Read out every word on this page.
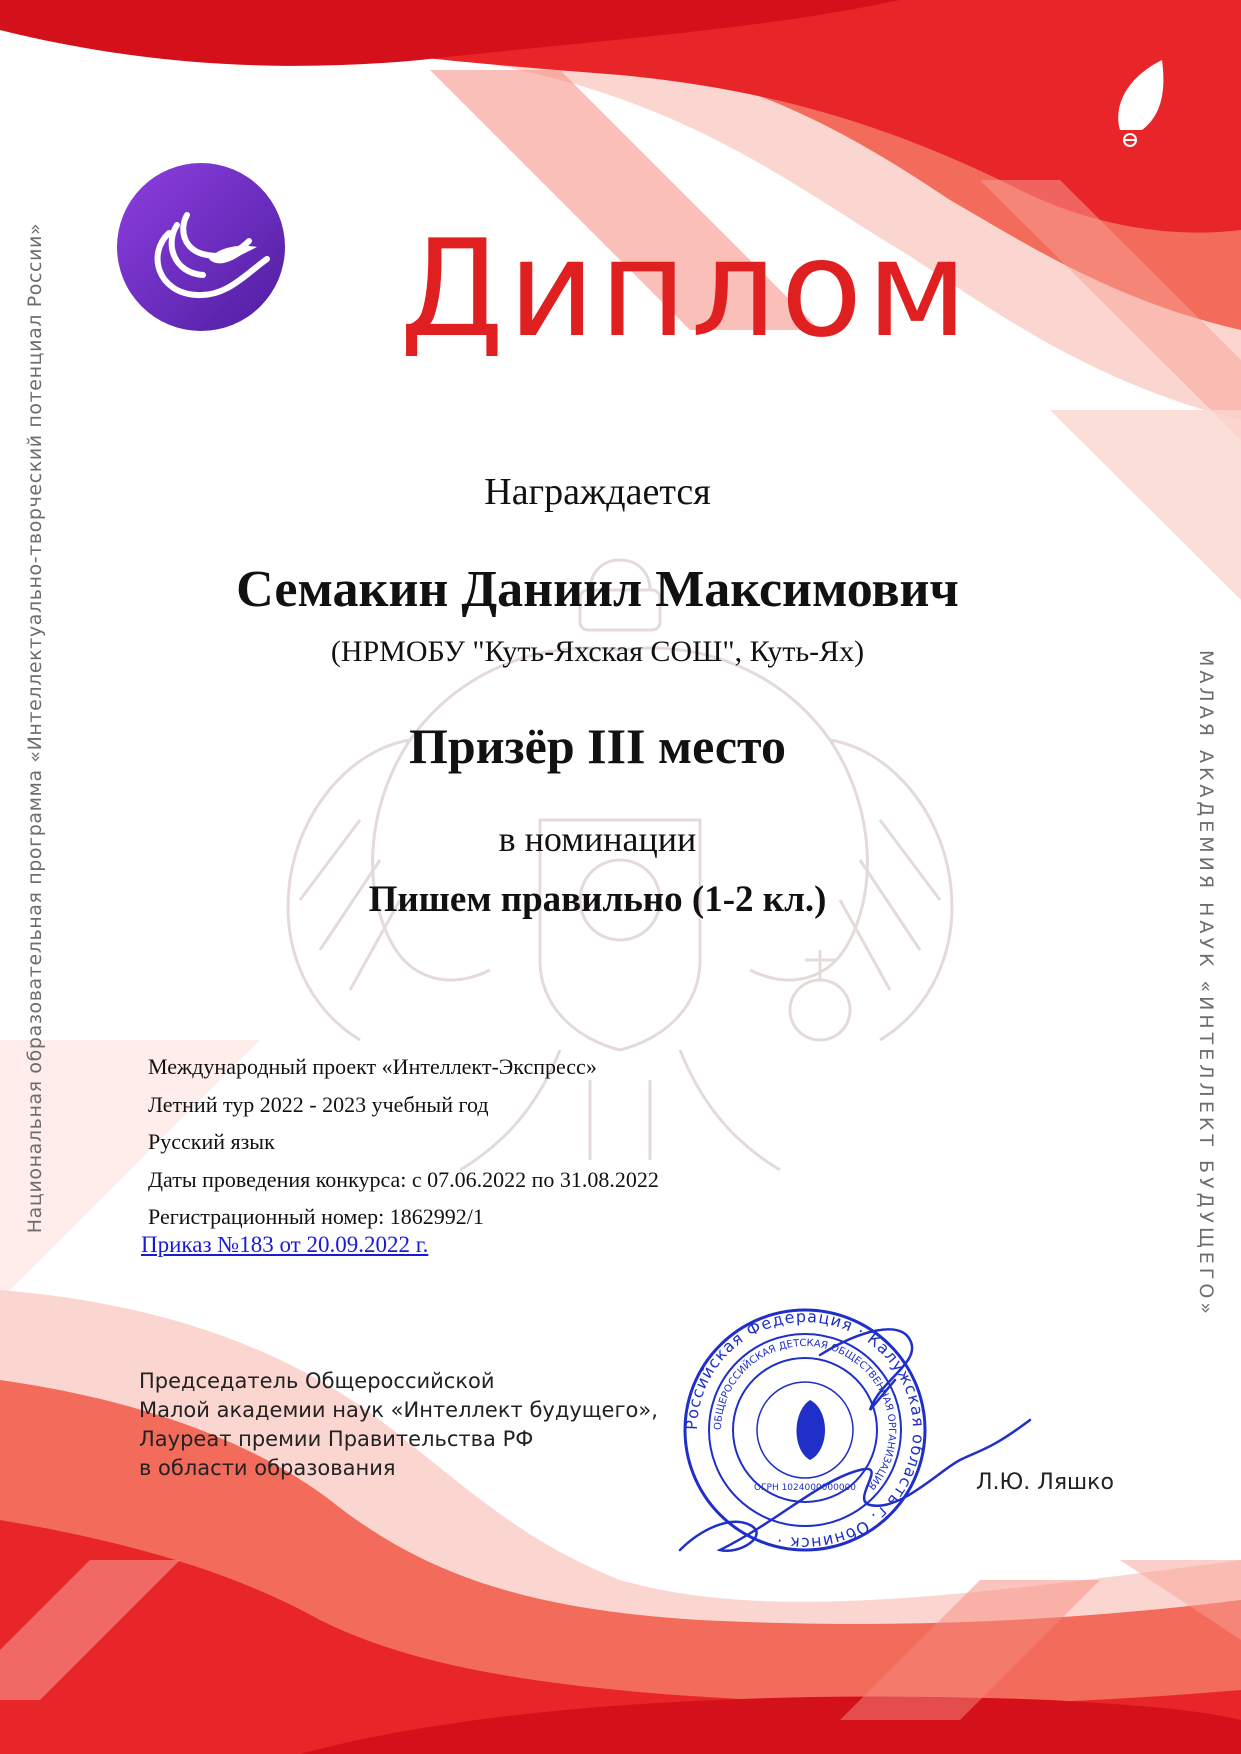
Национальная образовательная программа «Интеллектуально-творческий потенциал России»	МАЛАЯ АКАДЕМИЯ НАУК «ИНТЕЛЛЕКТ БУДУЩЕГО»
Диплом
Награждается
Семакин Даниил Максимович
(НРМОБУ "Куть-Яхская СОШ", Куть-Ях)
Призёр III место
в номинации
Пишем правильно (1-2 кл.)
Международный проект «Интеллект-Экспресс»
Летний тур 2022 - 2023 учебный год
Русский язык
Даты проведения конкурса: с 07.06.2022 по 31.08.2022
Регистрационный номер: 1862992/1
Приказ №183 от 20.09.2022 г.
Председатель Общероссийской
Малой академии наук «Интеллект будущего»,
Лауреат премии Правительства РФ
в области образования
Российская Федерация · Калужская область г. Обнинск ·
ОБЩЕРОССИЙСКАЯ ДЕТСКАЯ ОБЩЕСТВЕННАЯ ОРГАНИЗАЦИЯ
ОГРН 1024000000000	Л.Ю. Ляшко
